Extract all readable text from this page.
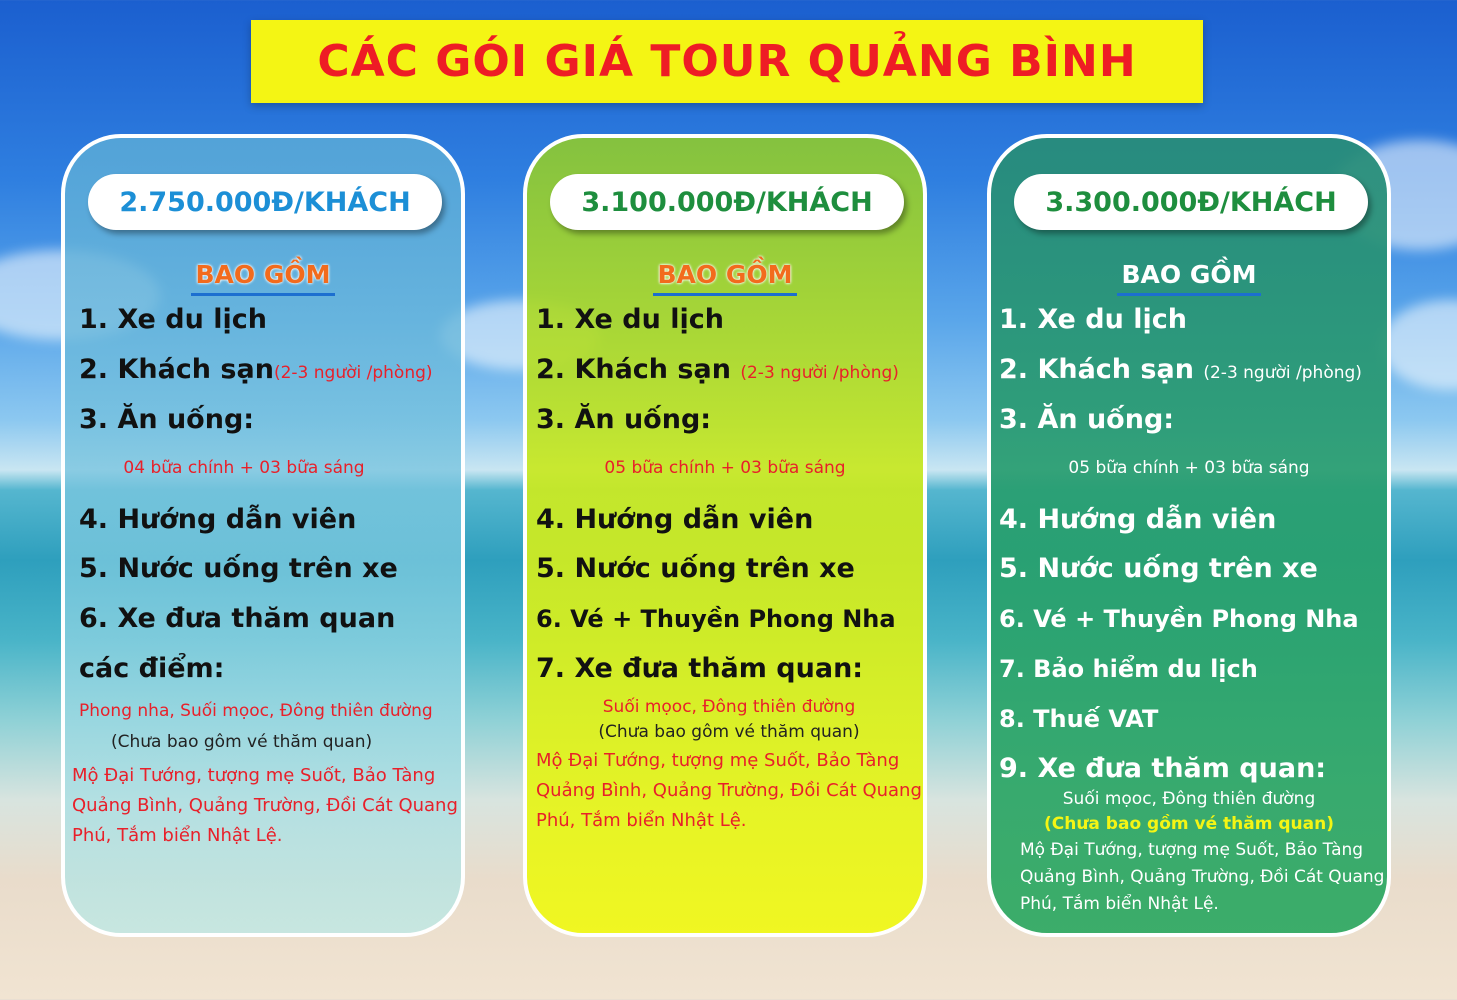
CÁC GÓI GIÁ TOUR QUẢNG BÌNH
2.750.000Đ/KHÁCH
BAO GỒM
1. Xe du lịch
2. Khách sạn(2-3 người /phòng)
3. Ăn uống:
04 bữa chính + 03 bữa sáng
4. Hướng dẫn viên
5. Nước uống trên xe
6. Xe đưa thăm quan
các điểm:
Phong nha, Suối mọoc, Đông thiên đường
(Chưa bao gôm vé thăm quan)
Mộ Đại Tướng, tượng mẹ Suốt, Bảo Tàng
Quảng Bình, Quảng Trường, Đồi Cát Quang
Phú, Tắm biển Nhật Lệ.
3.100.000Đ/KHÁCH
BAO GỒM
1. Xe du lịch
2. Khách sạn (2-3 người /phòng)
3. Ăn uống:
05 bữa chính + 03 bữa sáng
4. Hướng dẫn viên
5. Nước uống trên xe
6. Vé + Thuyền Phong Nha
7. Xe đưa thăm quan:
Suối mọoc, Đông thiên đường
(Chưa bao gôm vé thăm quan)
Mộ Đại Tướng, tượng mẹ Suốt, Bảo Tàng
Quảng Bình, Quảng Trường, Đồi Cát Quang
Phú, Tắm biển Nhật Lệ.
3.300.000Đ/KHÁCH
BAO GỒM
1. Xe du lịch
2. Khách sạn (2-3 người /phòng)
3. Ăn uống:
05 bữa chính + 03 bữa sáng
4. Hướng dẫn viên
5. Nước uống trên xe
6. Vé + Thuyền Phong Nha
7. Bảo hiểm du lịch
8. Thuế VAT
9. Xe đưa thăm quan:
Suối mọoc, Đông thiên đường
(Chưa bao gồm vé thăm quan)
Mộ Đại Tướng, tượng mẹ Suốt, Bảo Tàng
Quảng Bình, Quảng Trường, Đồi Cát Quang
Phú, Tắm biển Nhật Lệ.
